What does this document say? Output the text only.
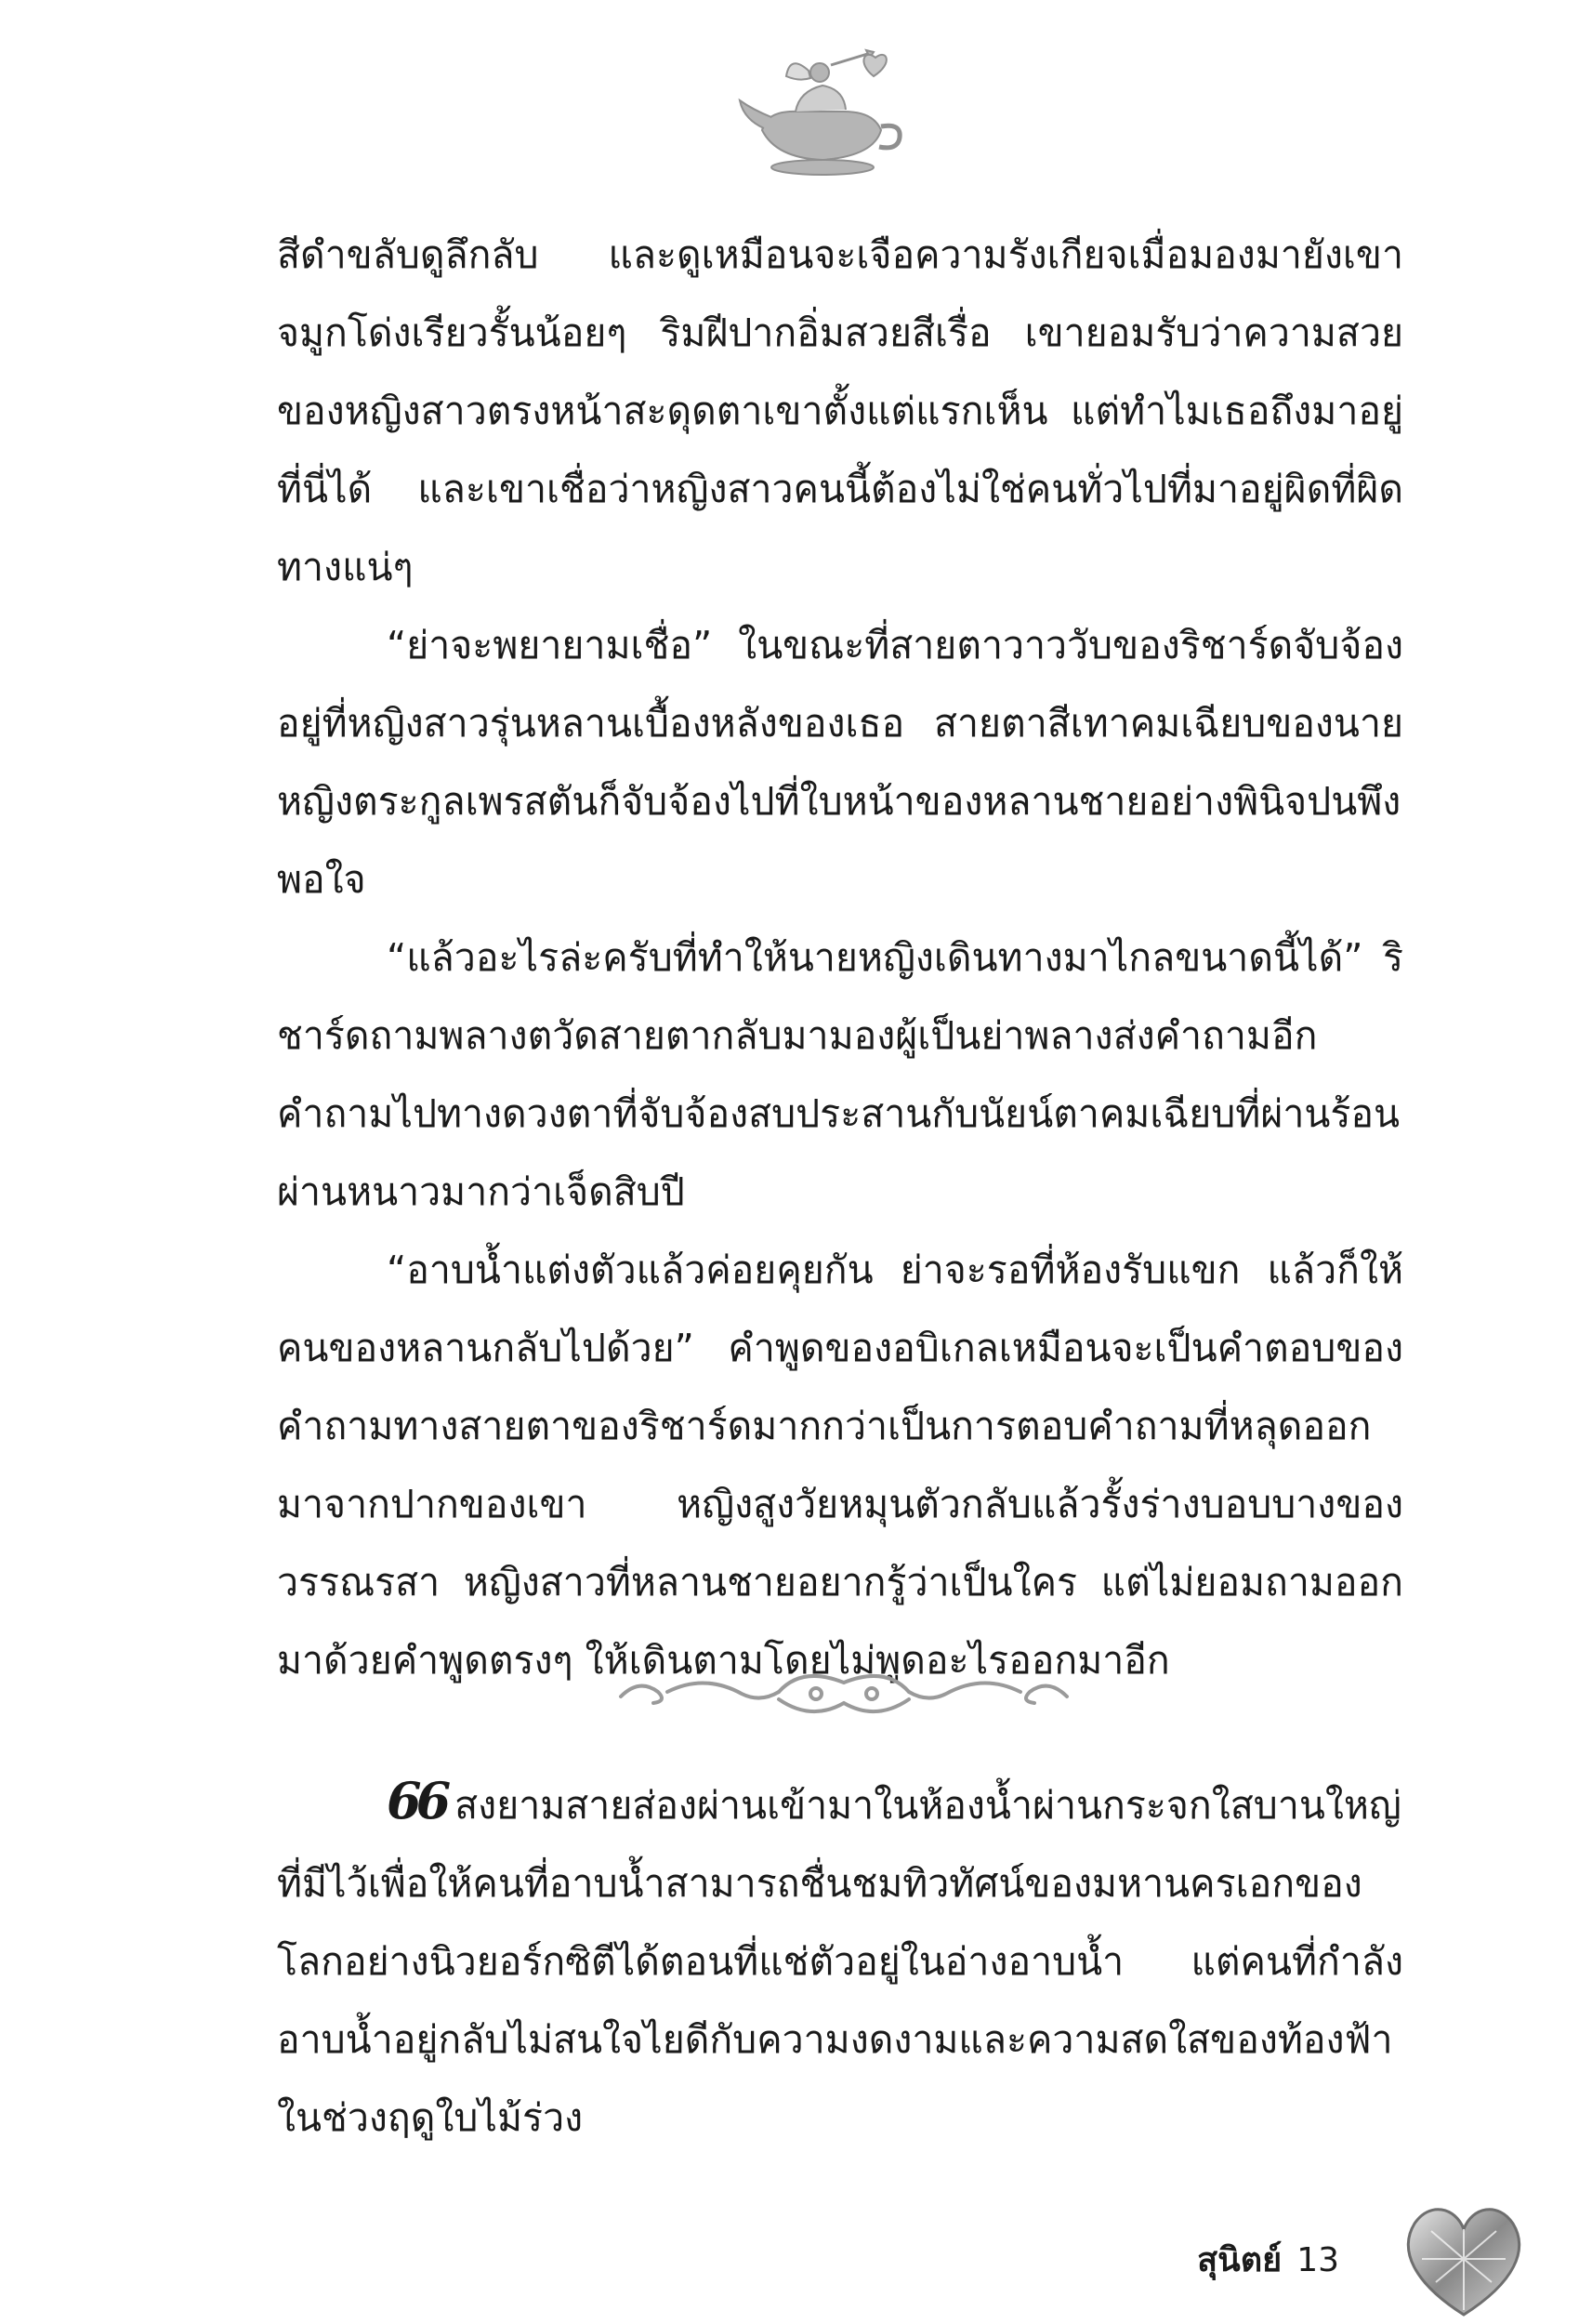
สีดำขลับดูลึกลับ และดูเหมือนจะเจือความรังเกียจเมื่อมองมายังเขา จมูกโด่งเรียวรั้นน้อยๆ ริมฝีปากอิ่มสวยสีเรื่อ เขายอมรับว่าความสวยของหญิงสาวตรงหน้าสะดุดตาเขาตั้งแต่แรกเห็น แต่ทำไมเธอถึงมาอยู่ที่นี่ได้ และเขาเชื่อว่าหญิงสาวคนนี้ต้องไม่ใช่คนทั่วไปที่มาอยู่ผิดที่ผิดทางแน่ๆ

“ย่าจะพยายามเชื่อ” ในขณะที่สายตาวาววับของริชาร์ดจับจ้องอยู่ที่หญิงสาวรุ่นหลานเบื้องหลังของเธอ สายตาสีเทาคมเฉียบของนายหญิงตระกูลเพรสตันก็จับจ้องไปที่ใบหน้าของหลานชายอย่างพินิจปนพึงพอใจ

“แล้วอะไรล่ะครับที่ทำให้นายหญิงเดินทางมาไกลขนาดนี้ได้” ริชาร์ดถามพลางตวัดสายตากลับมามองผู้เป็นย่าพลางส่งคำถามอีกคำถามไปทางดวงตาที่จับจ้องสบประสานกับนัยน์ตาคมเฉียบที่ผ่านร้อนผ่านหนาวมากว่าเจ็ดสิบปี

“อาบน้ำแต่งตัวแล้วค่อยคุยกัน ย่าจะรอที่ห้องรับแขก แล้วก็ให้คนของหลานกลับไปด้วย” คำพูดของอบิเกลเหมือนจะเป็นคำตอบของคำถามทางสายตาของริชาร์ดมากกว่าเป็นการตอบคำถามที่หลุดออกมาจากปากของเขา หญิงสูงวัยหมุนตัวกลับแล้วรั้งร่างบอบบางของวรรณรสา หญิงสาวที่หลานชายอยากรู้ว่าเป็นใคร แต่ไม่ยอมถามออกมาด้วยคำพูดตรงๆ ให้เดินตามโดยไม่พูดอะไรออกมาอีก

66 สงยามสายส่องผ่านเข้ามาในห้องน้ำผ่านกระจกใสบานใหญ่ที่มีไว้เพื่อให้คนที่อาบน้ำสามารถชื่นชมทิวทัศน์ของมหานครเอกของโลกอย่างนิวยอร์กซิตีได้ตอนที่แช่ตัวอยู่ในอ่างอาบน้ำ แต่คนที่กำลังอาบน้ำอยู่กลับไม่สนใจไยดีกับความงดงามและความสดใสของท้องฟ้าในช่วงฤดูใบไม้ร่วง

สุนิตย์ 13
